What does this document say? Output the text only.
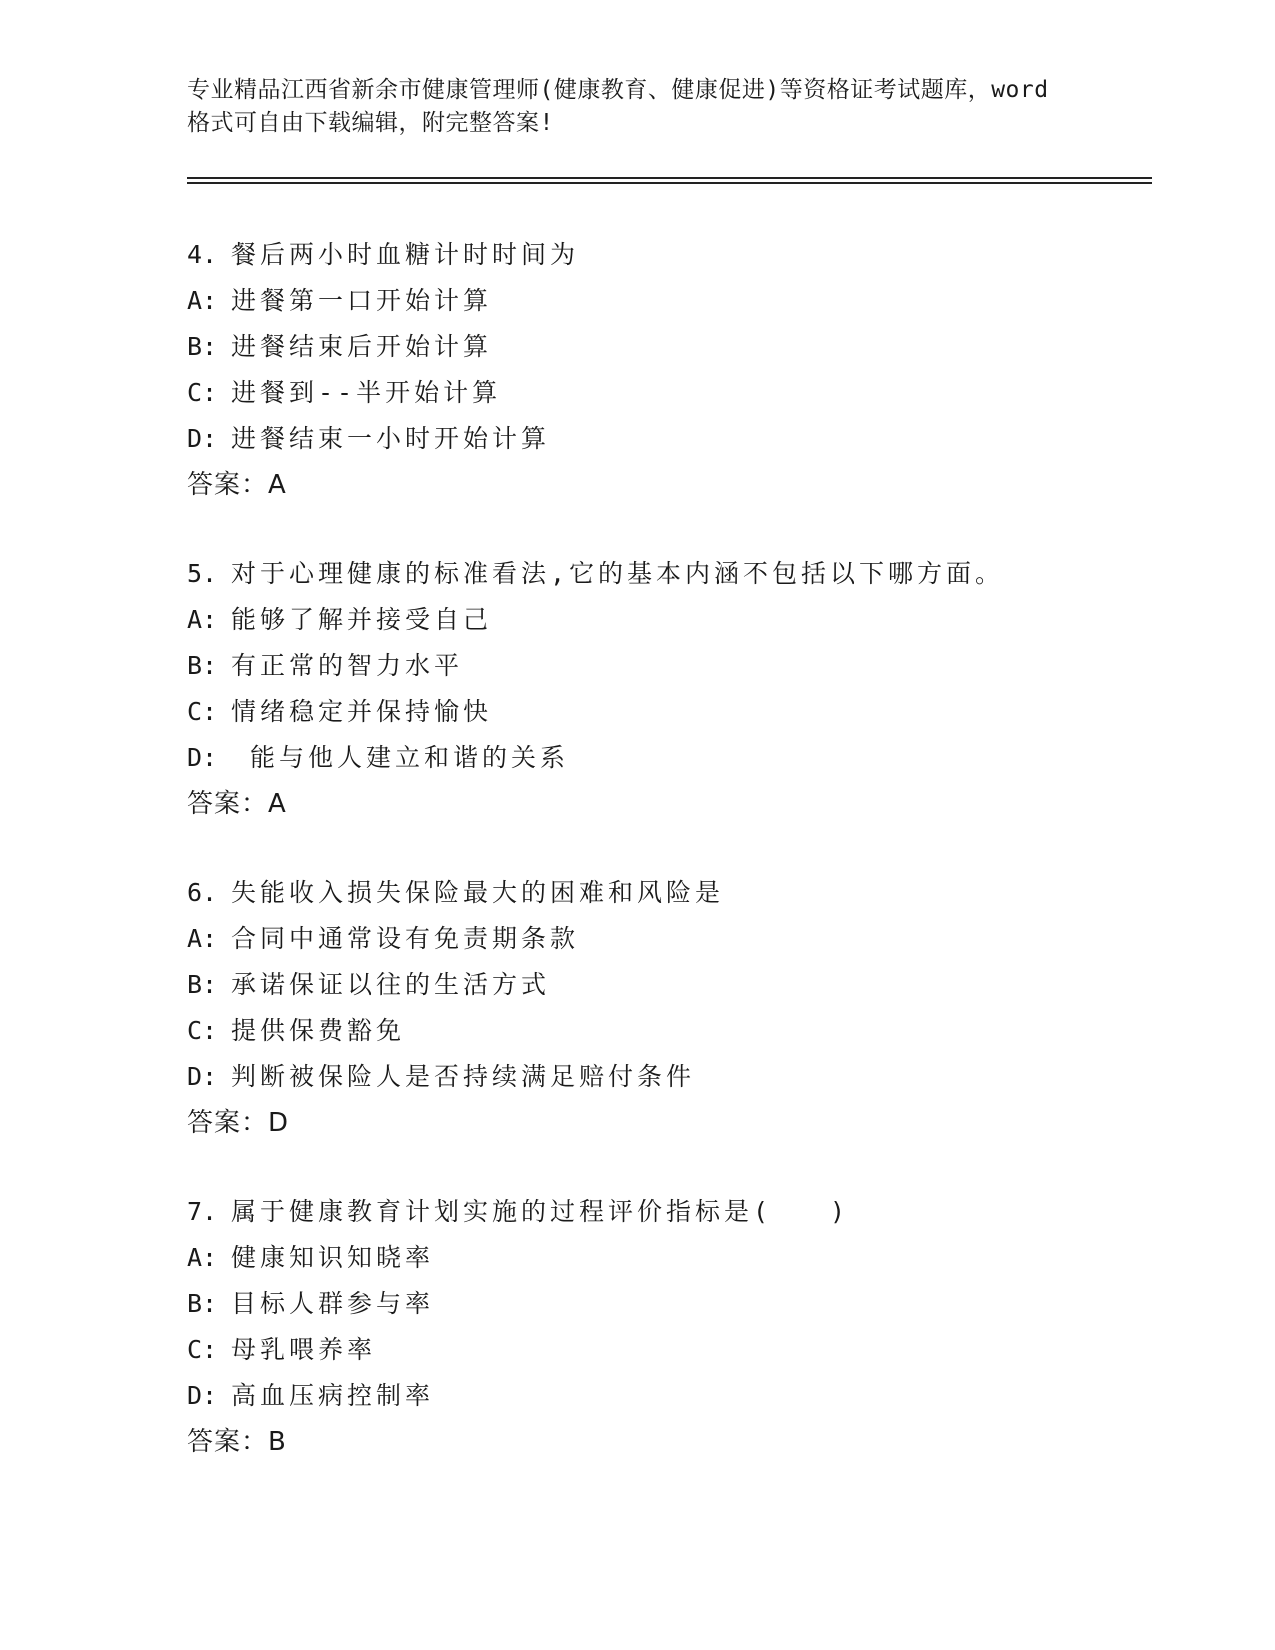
专业精品江西省新余市健康管理师(健康教育、健康促进)等资格证考试题库，word
格式可自由下载编辑，附完整答案!
4. 餐后两小时血糖计时时间为
A: 进餐第一口开始计算
B: 进餐结束后开始计算
C: 进餐到--半开始计算
D: 进餐结束一小时开始计算
答案：A
5. 对于心理健康的标准看法,它的基本内涵不包括以下哪方面。
A: 能够了解并接受自己
B: 有正常的智力水平
C: 情绪稳定并保持愉快
D: 能与他人建立和谐的关系
答案：A
6. 失能收入损失保险最大的困难和风险是
A: 合同中通常设有免责期条款
B: 承诺保证以往的生活方式
C: 提供保费豁免
D: 判断被保险人是否持续满足赔付条件
答案：D
7. 属于健康教育计划实施的过程评价指标是(　　)
A: 健康知识知晓率
B: 目标人群参与率
C: 母乳喂养率
D: 高血压病控制率
答案：B
